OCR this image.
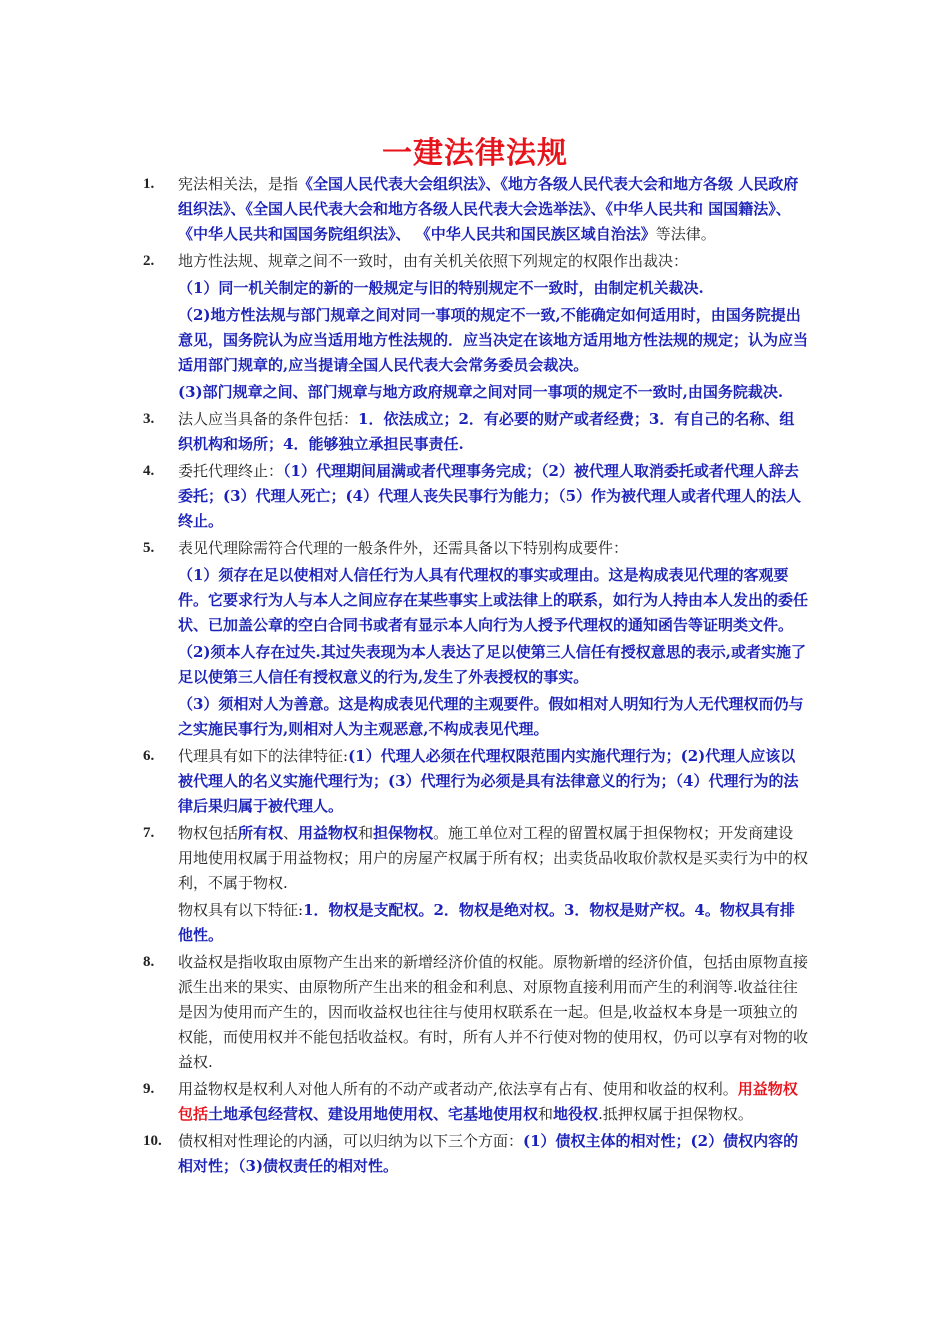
一建法律法规
1.	宪法相关法，是指《全国人民代表大会组织法》、《地方各级人民代表大会和地方各级 人民政府组织法》、《全国人民代表大会和地方各级人民代表大会选举法》、《中华人民共和 国国籍法》、《中华人民共和国国务院组织法》、 《中华人民共和国民族区域自治法》等法律。
2.	地方性法规、规章之间不一致时，由有关机关依照下列规定的权限作出裁决：
（1）同一机关制定的新的一般规定与旧的特别规定不一致时，由制定机关裁决.
（2)地方性法规与部门规章之间对同一事项的规定不一致,不能确定如何适用时，由国务院提出意见，国务院认为应当适用地方性法规的．应当决定在该地方适用地方性法规的规定；认为应当适用部门规章的,应当提请全国人民代表大会常务委员会裁决。
(3)部门规章之间、部门规章与地方政府规章之间对同一事项的规定不一致时,由国务院裁决.
3.	法人应当具备的条件包括：1．依法成立；2．有必要的财产或者经费；3．有自己的名称、组织机构和场所；4．能够独立承担民事责任.
4.	委托代理终止：（1）代理期间届满或者代理事务完成；（2）被代理人取消委托或者代理人辞去委托；(3）代理人死亡；(4）代理人丧失民事行为能力；（5）作为被代理人或者代理人的法人终止。
5.	表见代理除需符合代理的一般条件外，还需具备以下特别构成要件：
（1）须存在足以使相对人信任行为人具有代理权的事实或理由。这是构成表见代理的客观要件。它要求行为人与本人之间应存在某些事实上或法律上的联系，如行为人持由本人发出的委任状、已加盖公章的空白合同书或者有显示本人向行为人授予代理权的通知函告等证明类文件。
（2)须本人存在过失.其过失表现为本人表达了足以使第三人信任有授权意思的表示,或者实施了足以使第三人信任有授权意义的行为,发生了外表授权的事实。
（3）须相对人为善意。这是构成表见代理的主观要件。假如相对人明知行为人无代理权而仍与之实施民事行为,则相对人为主观恶意,不构成表见代理。
6.	代理具有如下的法律特征:(1）代理人必须在代理权限范围内实施代理行为；(2)代理人应该以被代理人的名义实施代理行为；(3）代理行为必须是具有法律意义的行为；（4）代理行为的法律后果归属于被代理人。
7.	物权包括所有权、用益物权和担保物权。施工单位对工程的留置权属于担保物权；开发商建设用地使用权属于用益物权；用户的房屋产权属于所有权；出卖货品收取价款权是买卖行为中的权利，不属于物权.
物权具有以下特征:1．物权是支配权。2．物权是绝对权。3．物权是财产权。4。物权具有排他性。
8.	收益权是指收取由原物产生出来的新增经济价值的权能。原物新增的经济价值，包括由原物直接派生出来的果实、由原物所产生出来的租金和利息、对原物直接利用而产生的利润等.收益往往是因为使用而产生的，因而收益权也往往与使用权联系在一起。但是,收益权本身是一项独立的权能，而使用权并不能包括收益权。有时，所有人并不行使对物的使用权，仍可以享有对物的收益权.
9.	用益物权是权利人对他人所有的不动产或者动产,依法享有占有、使用和收益的权利。用益物权包括土地承包经营权、建设用地使用权、宅基地使用权和地役权.抵押权属于担保物权。
10.	债权相对性理论的内涵，可以归纳为以下三个方面：(1）债权主体的相对性；(2）债权内容的相对性；（3)债权责任的相对性。
